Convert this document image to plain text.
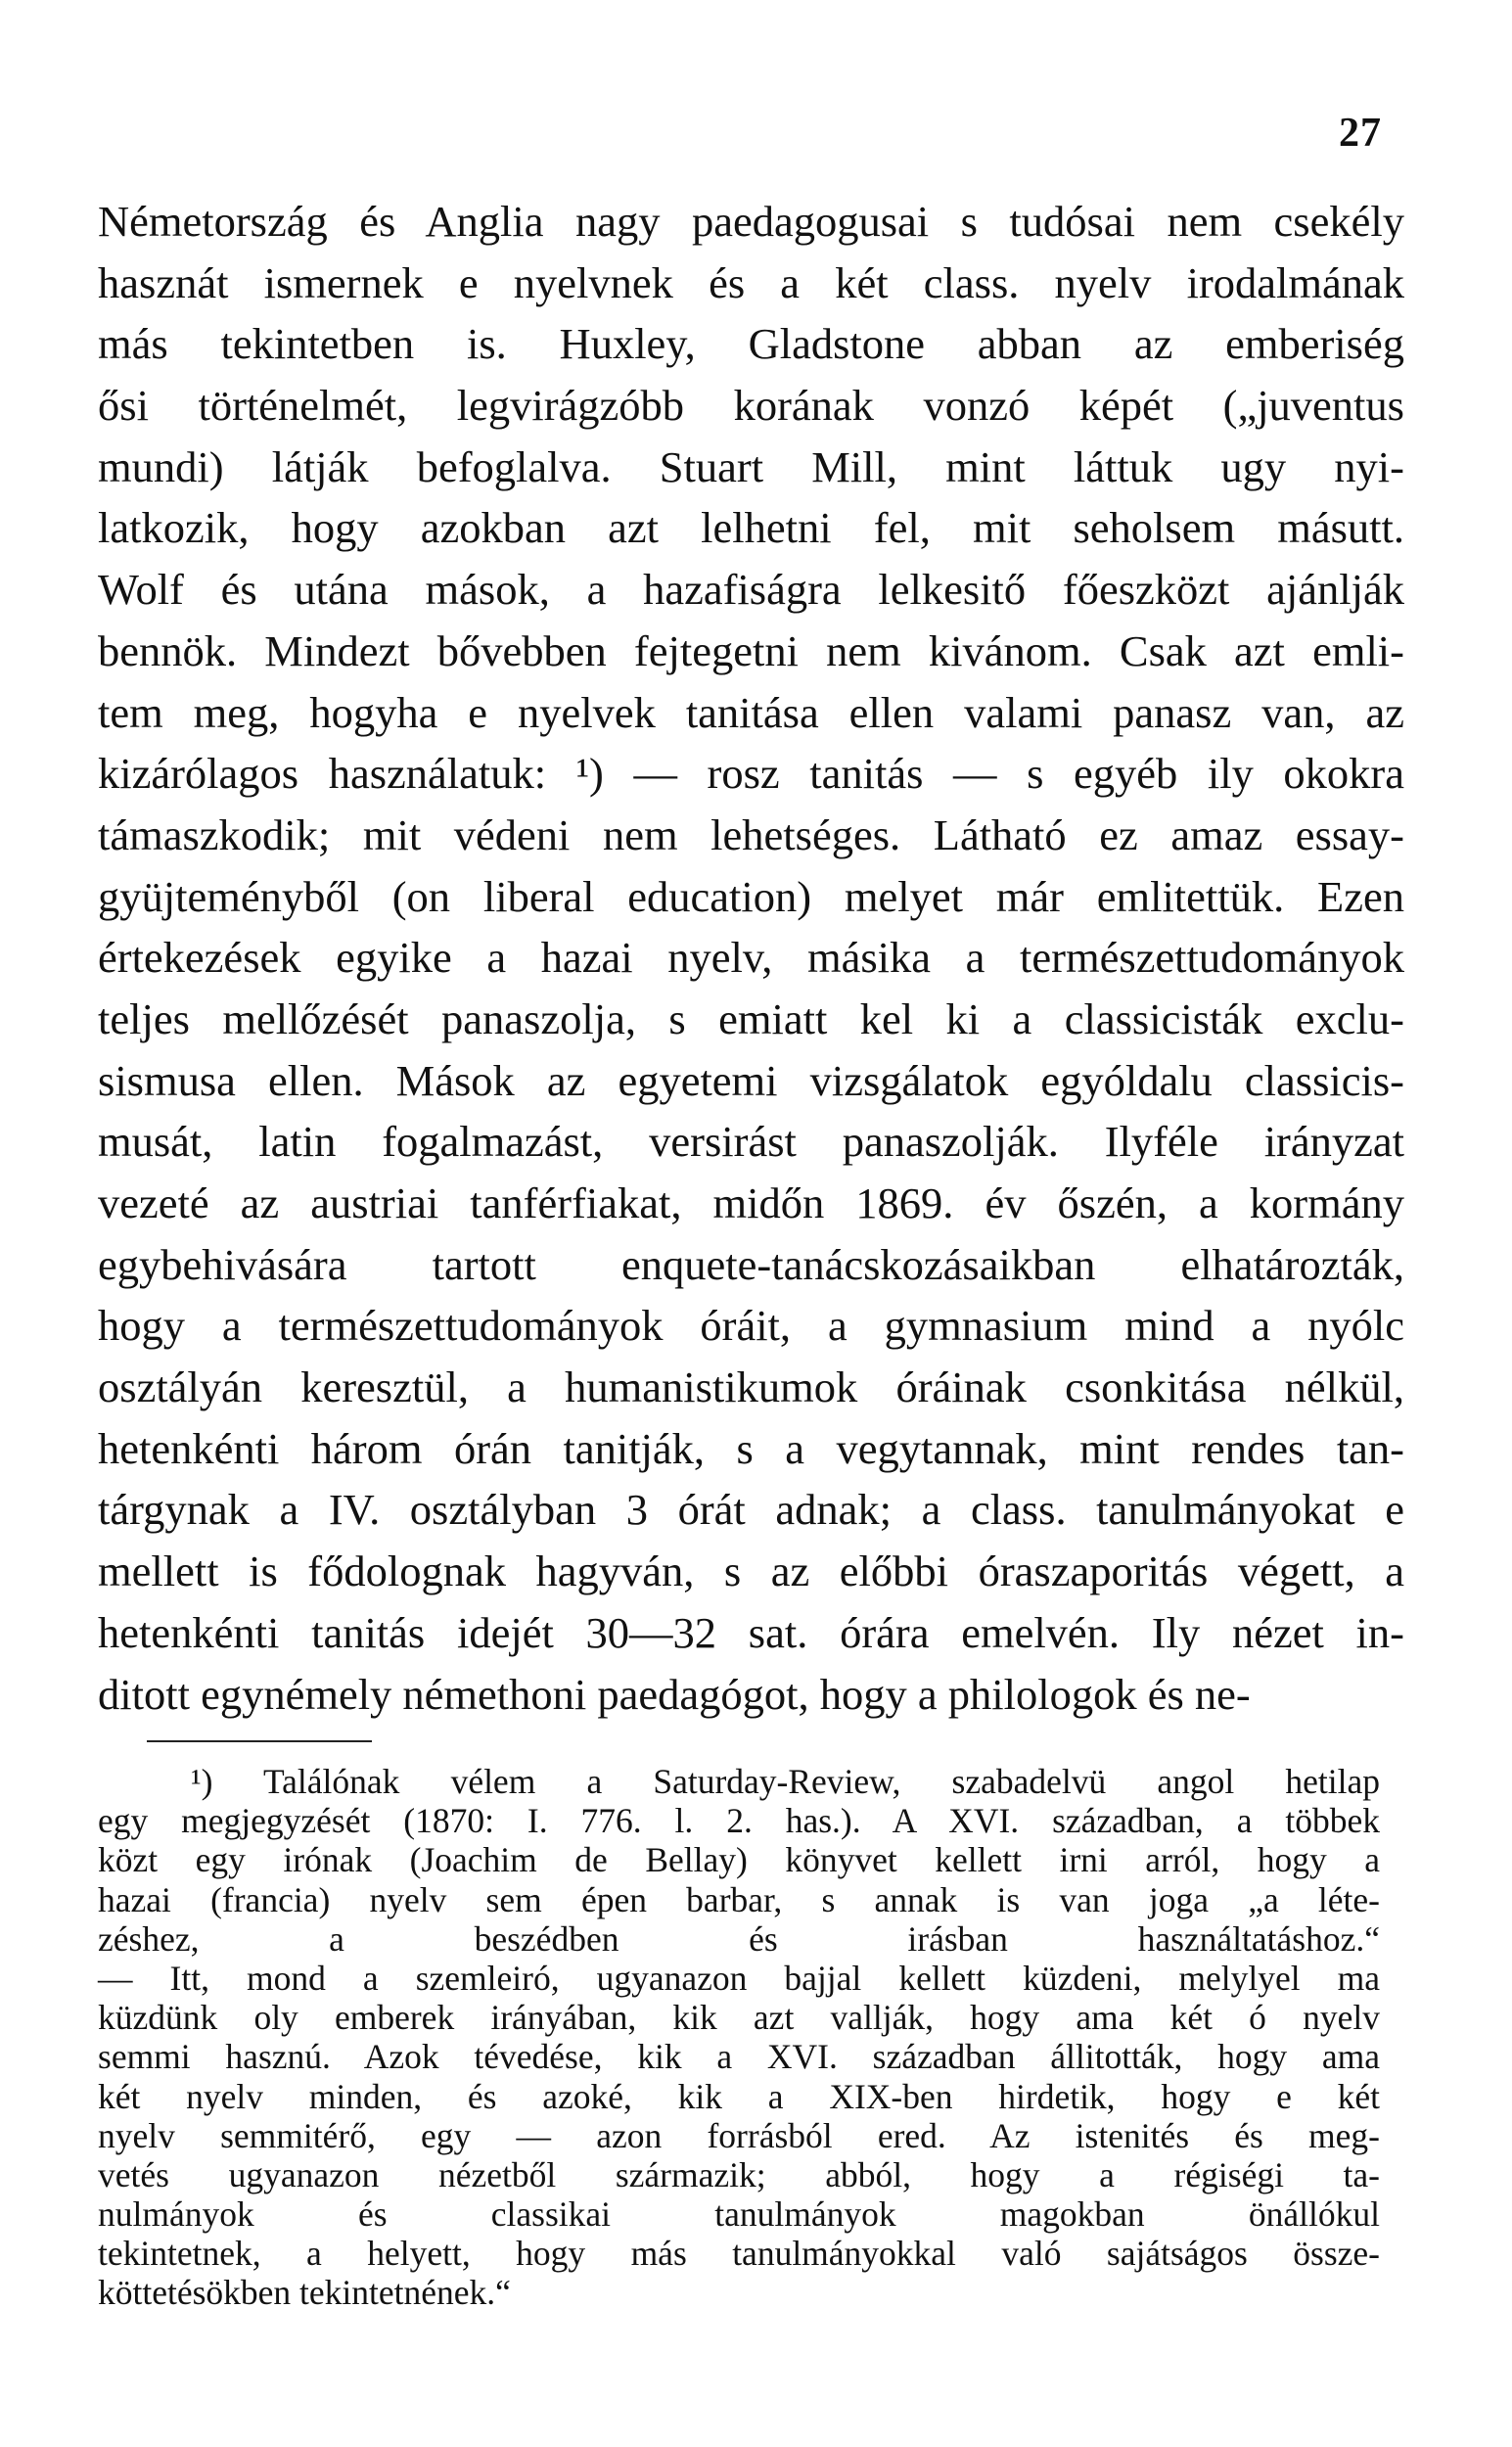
27
Németország és Anglia nagy paedagogusai s tudósai nem csekély
hasznát ismernek e nyelvnek és a két class. nyelv irodalmának
más tekintetben is. Huxley, Gladstone abban az emberiség
ősi történelmét, legvirágzóbb korának vonzó képét („juventus
mundi) látják befoglalva. Stuart Mill, mint láttuk ugy nyi-
latkozik, hogy azokban azt lelhetni fel, mit seholsem másutt.
Wolf és utána mások, a hazafiságra lelkesitő főeszközt ajánlják
bennök. Mindezt bővebben fejtegetni nem kivánom. Csak azt emli-
tem meg, hogyha e nyelvek tanitása ellen valami panasz van, az
kizárólagos használatuk: ¹) — rosz tanitás — s egyéb ily okokra
támaszkodik; mit védeni nem lehetséges. Látható ez amaz essay-
gyüjteményből (on liberal education) melyet már emlitettük. Ezen
értekezések egyike a hazai nyelv, másika a természettudományok
teljes mellőzését panaszolja, s emiatt kel ki a classicisták exclu-
sismusa ellen. Mások az egyetemi vizsgálatok egyóldalu classicis-
musát, latin fogalmazást, versirást panaszolják. Ilyféle irányzat
vezeté az austriai tanférfiakat, midőn 1869. év őszén, a kormány
egybehivására tartott enquete-tanácskozásaikban elhatározták,
hogy a természettudományok óráit, a gymnasium mind a nyólc
osztályán keresztül, a humanistikumok óráinak csonkitása nélkül,
hetenkénti három órán tanitják, s a vegytannak, mint rendes tan-
tárgynak a IV. osztályban 3 órát adnak; a class. tanulmányokat e
mellett is fődolognak hagyván, s az előbbi óraszaporitás végett, a
hetenkénti tanitás idejét 30—32 sat. órára emelvén. Ily nézet in-
ditott egynémely némethoni paedagógot, hogy a philologok és ne-
¹) Találónak vélem a Saturday-Review, szabadelvü angol hetilap
egy megjegyzését (1870: I. 776. l. 2. has.). A XVI. században, a többek
közt egy irónak (Joachim de Bellay) könyvet kellett irni arról, hogy a
hazai (francia) nyelv sem épen barbar, s annak is van joga „a léte-
zéshez, a beszédben és irásban használtatáshoz.“
— Itt, mond a szemleiró, ugyanazon bajjal kellett küzdeni, melylyel ma
küzdünk oly emberek irányában, kik azt vallják, hogy ama két ó nyelv
semmi hasznú. Azok tévedése, kik a XVI. században állitották, hogy ama
két nyelv minden, és azoké, kik a XIX-ben hirdetik, hogy e két
nyelv semmitérő, egy — azon forrásból ered. Az istenités és meg-
vetés ugyanazon nézetből származik; abból, hogy a régiségi ta-
nulmányok és classikai tanulmányok magokban önállókul
tekintetnek, a helyett, hogy más tanulmányokkal való sajátságos össze-
köttetésökben tekintetnének.“
